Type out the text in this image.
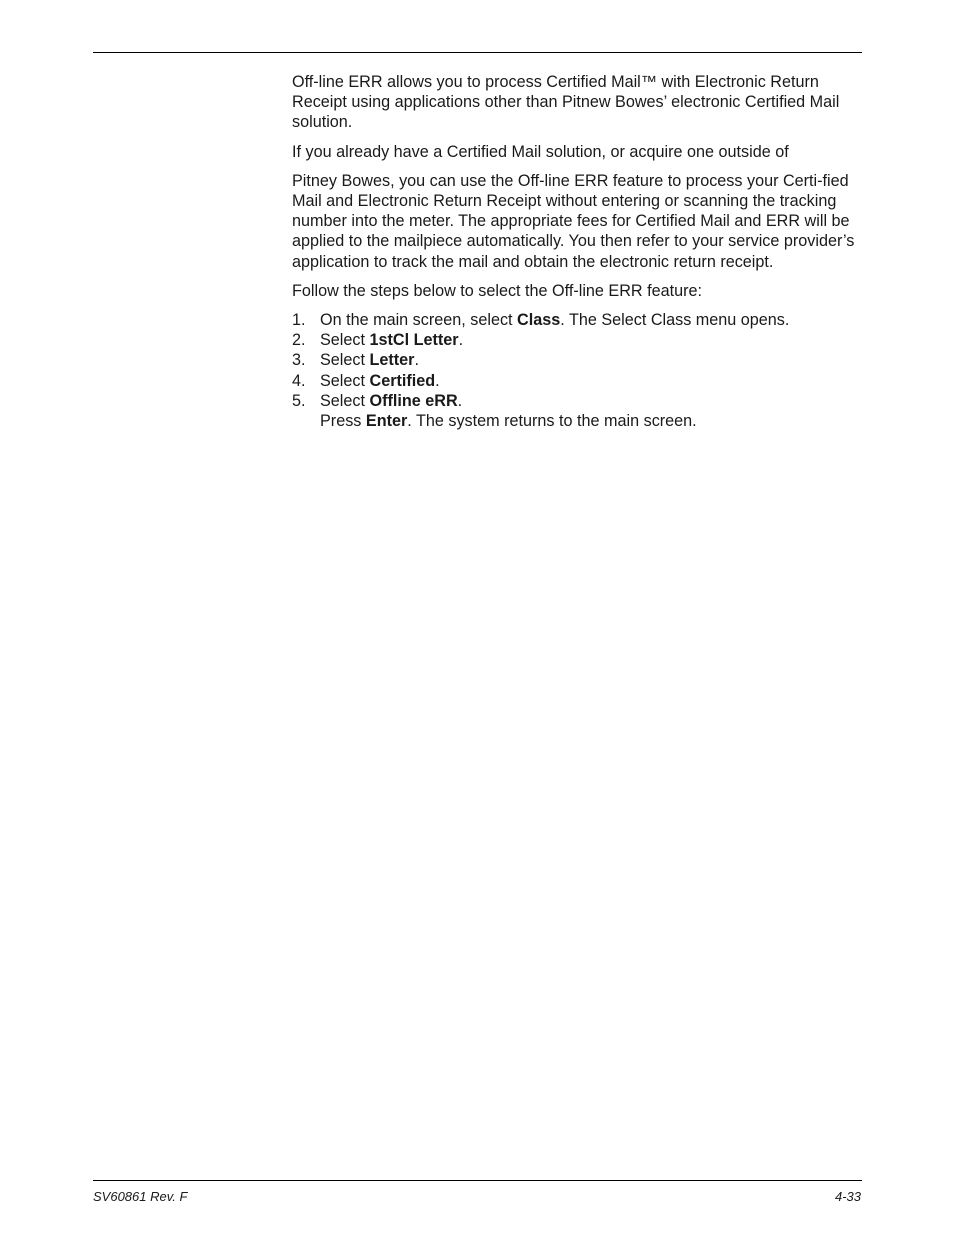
Off-line ERR allows you to process Certified Mail™ with Electronic Return Receipt using applications other than Pitnew Bowes’ electronic Certified Mail solution.

If you already have a Certified Mail solution, or acquire one outside of

Pitney Bowes, you can use the Off-line ERR feature to process your Certi-fied Mail and Electronic Return Receipt without entering or scanning the tracking number into the meter. The appropriate fees for Certified Mail and ERR will be applied to the mailpiece automatically. You then refer to your service provider’s application to track the mail and obtain the electronic return receipt.

Follow the steps below to select the Off-line ERR feature:

1. On the main screen, select Class. The Select Class menu opens.
2. Select 1stCl Letter.
3. Select Letter.
4. Select Certified.
5. Select Offline eRR.
Press Enter. The system returns to the main screen.
SV60861 Rev. F	4-33
